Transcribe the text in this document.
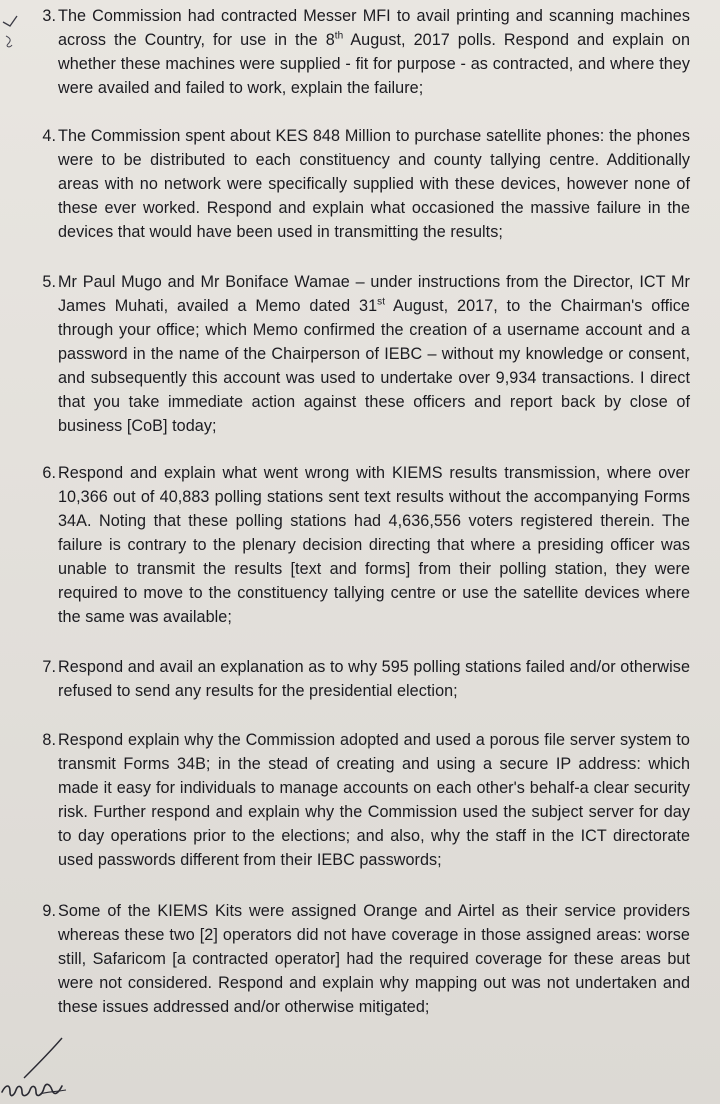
3. The Commission had contracted Messer MFI to avail printing and scanning machines across the Country, for use in the 8th August, 2017 polls. Respond and explain on whether these machines were supplied - fit for purpose - as contracted, and where they were availed and failed to work, explain the failure;
4. The Commission spent about KES 848 Million to purchase satellite phones: the phones were to be distributed to each constituency and county tallying centre. Additionally areas with no network were specifically supplied with these devices, however none of these ever worked. Respond and explain what occasioned the massive failure in the devices that would have been used in transmitting the results;
5. Mr Paul Mugo and Mr Boniface Wamae – under instructions from the Director, ICT Mr James Muhati, availed a Memo dated 31st August, 2017, to the Chairman's office through your office; which Memo confirmed the creation of a username account and a password in the name of the Chairperson of IEBC – without my knowledge or consent, and subsequently this account was used to undertake over 9,934 transactions. I direct that you take immediate action against these officers and report back by close of business [CoB] today;
6. Respond and explain what went wrong with KIEMS results transmission, where over 10,366 out of 40,883 polling stations sent text results without the accompanying Forms 34A. Noting that these polling stations had 4,636,556 voters registered therein. The failure is contrary to the plenary decision directing that where a presiding officer was unable to transmit the results [text and forms] from their polling station, they were required to move to the constituency tallying centre or use the satellite devices where the same was available;
7. Respond and avail an explanation as to why 595 polling stations failed and/or otherwise refused to send any results for the presidential election;
8. Respond explain why the Commission adopted and used a porous file server system to transmit Forms 34B; in the stead of creating and using a secure IP address: which made it easy for individuals to manage accounts on each other's behalf-a clear security risk. Further respond and explain why the Commission used the subject server for day to day operations prior to the elections; and also, why the staff in the ICT directorate used passwords different from their IEBC passwords;
9. Some of the KIEMS Kits were assigned Orange and Airtel as their service providers whereas these two [2] operators did not have coverage in those assigned areas: worse still, Safaricom [a contracted operator] had the required coverage for these areas but were not considered. Respond and explain why mapping out was not undertaken and these issues addressed and/or otherwise mitigated;
